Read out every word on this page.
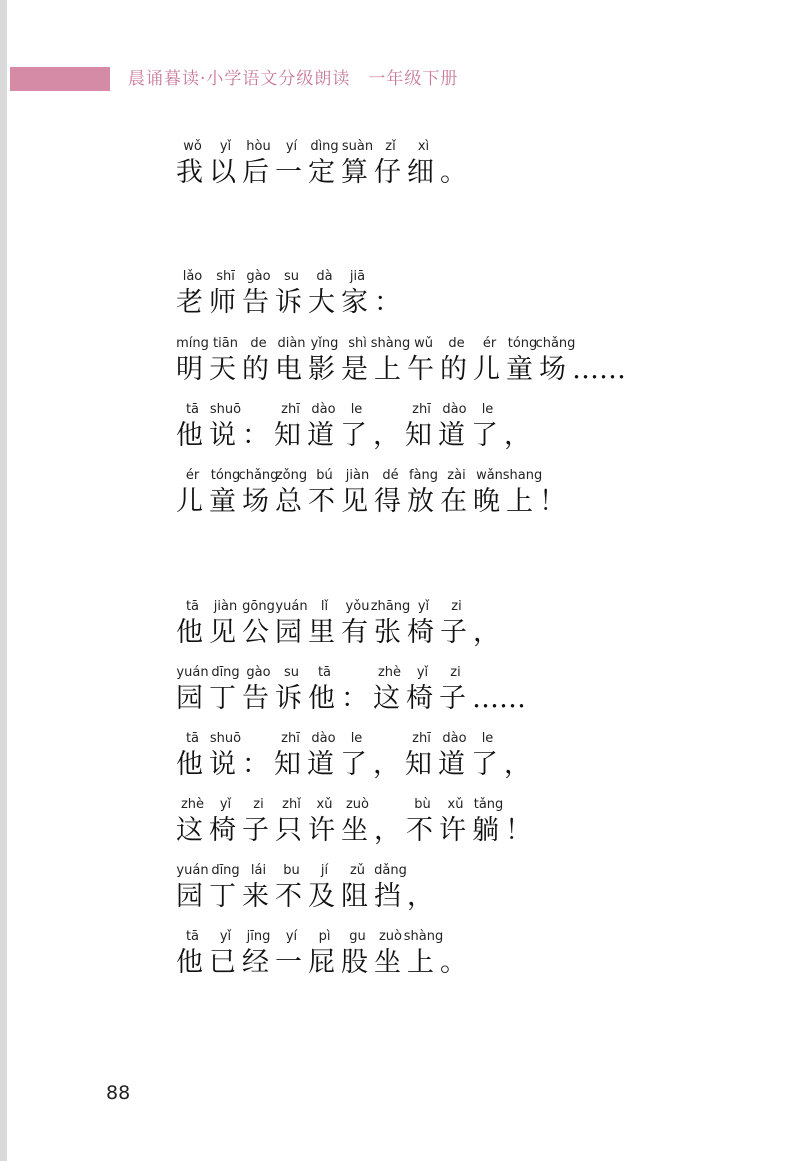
晨诵暮读·小学语文分级朗读　一年级下册
wǒ
我
yǐ
以
hòu
后
yí
一
dìng
定
suàn
算
zǐ
仔
xì
细 。
lǎo
老
shī
师
gào
告
su
诉
dà
大
jiā
家 ：
míng
明
tiān
天
de
的
diàn
电
yǐng
影
shì
是
shàng
上
wǔ
午
de
的
ér
儿
tóng
童
chǎng
场 ……
tā
他
shuō
说 ：
zhī
知
dào
道
le
了 ，
zhī
知
dào
道
le
了 ，
ér
儿
tóng
童
chǎng
场
zǒng
总
bú
不
jiàn
见
dé
得
fàng
放
zài
在
wǎn
晚
shang
上 ！
tā
他
jiàn
见
gōng
公
yuán
园
lǐ
里
yǒu
有
zhāng
张
yǐ
椅
zi
子 ，
yuán
园
dīng
丁
gào
告
su
诉
tā
他 ：
zhè
这
yǐ
椅
zi
子 ……
tā
他
shuō
说 ：
zhī
知
dào
道
le
了 ，
zhī
知
dào
道
le
了 ，
zhè
这
yǐ
椅
zi
子
zhǐ
只
xǔ
许
zuò
坐 ，
bù
不
xǔ
许
tǎng
躺 ！
yuán
园
dīng
丁
lái
来
bu
不
jí
及
zǔ
阻
dǎng
挡 ，
tā
他
yǐ
已
jīng
经
yí
一
pì
屁
gu
股
zuò
坐
shàng
上 。
88
